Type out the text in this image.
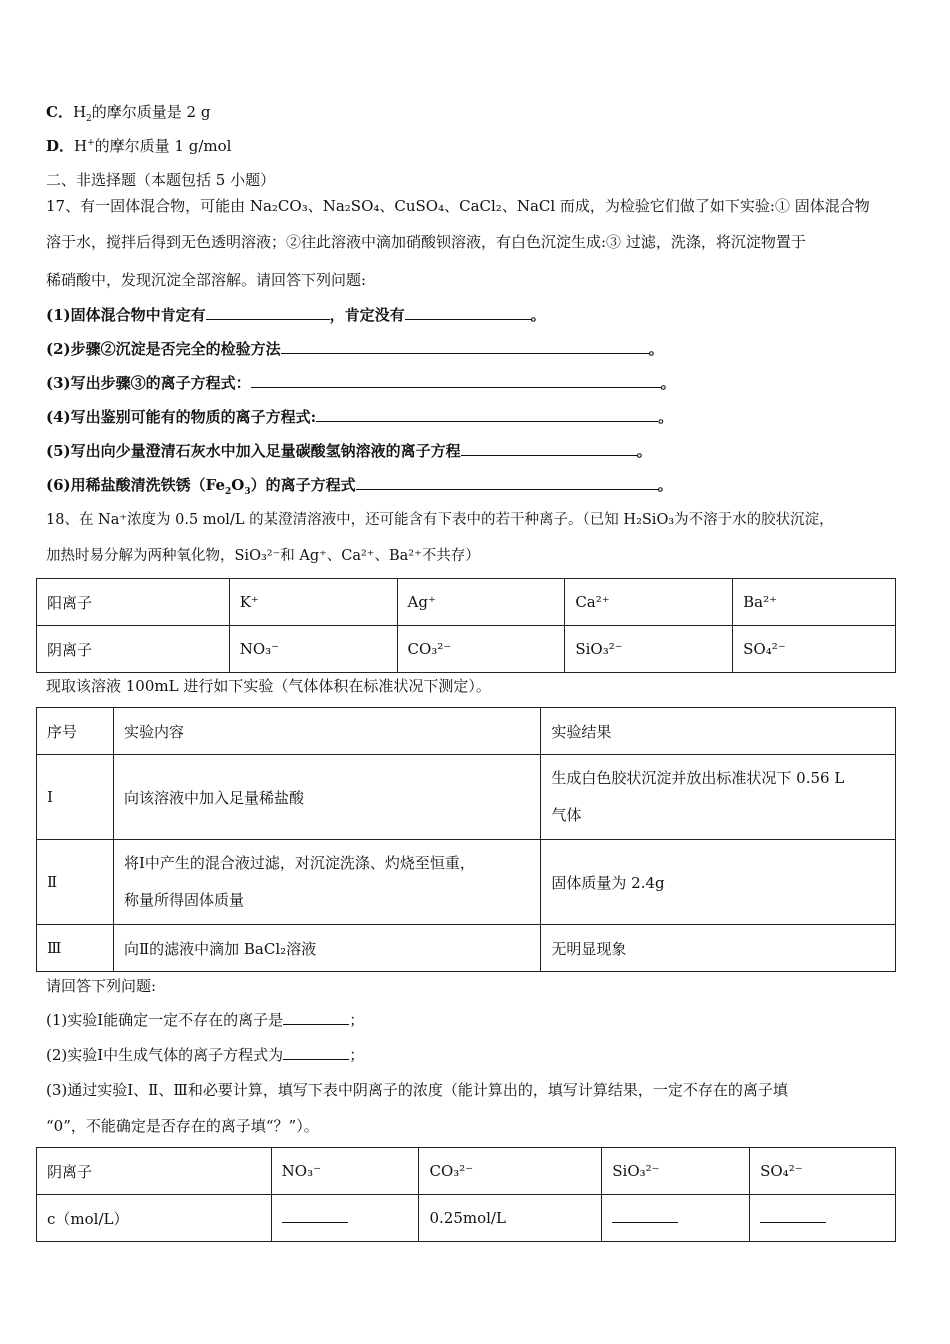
C．$H_2$的摩尔质量是 2 g
D．H+的摩尔质量 1 g/mol
二、非选择题（本题包括 5 小题）
17、有一固体混合物，可能由 Na₂CO₃、Na₂SO₄、CuSO₄、CaCl₂、NaCl 而成，为检验它们做了如下实验:① 固体混合物
溶于水，搅拌后得到无色透明溶液；②往此溶液中滴加硝酸钡溶液，有白色沉淀生成:③ 过滤，洗涤，将沉淀物置于
稀硝酸中，发现沉淀全部溶解。请回答下列问题:
(1)固体混合物中肯定有	，肯定没有	。
(2)步骤②沉淀是否完全的检验方法	。
(3)写出步骤③的离子方程式：	。
(4)写出鉴别可能有的物质的离子方程式:	。
(5)写出向少量澄清石灰水中加入足量碳酸氢钠溶液的离子方程	。
(6)用稀盐酸清洗铁锈$(Fe_2O_3)$的离子方程式	。
18、在 Na⁺浓度为 0.5 mol/L 的某澄清溶液中，还可能含有下表中的若干种离子。（已知 H₂SiO₃为不溶于水的胶状沉淀，
加热时易分解为两种氧化物，SiO₃²⁻和 Ag⁺、Ca²⁺、Ba²⁺不共存）
阳离子	K⁺	Ag⁺	Ca²⁺	Ba²⁺
阴离子	NO₃⁻	CO₃²⁻	SiO₃²⁻	SO₄²⁻
现取该溶液 100mL 进行如下实验（气体体积在标准状况下测定）。
序号	实验内容	实验结果
Ⅰ	向该溶液中加入足量稀盐酸	生成白色胶状沉淀并放出标准状况下 0.56 L
气体

Ⅱ	将Ⅰ中产生的混合液过滤，对沉淀洗涤、灼烧至恒重，
称量所得固体质量	固体质量为 2.4g
Ⅲ	向Ⅱ的滤液中滴加 BaCl₂溶液	无明显现象
请回答下列问题:
(1)实验Ⅰ能确定一定不存在的离子是	；
(2)实验Ⅰ中生成气体的离子方程式为	；
(3)通过实验Ⅰ、Ⅱ、Ⅲ和必要计算，填写下表中阴离子的浓度（能计算出的，填写计算结果，一定不存在的离子填
“0”，不能确定是否存在的离子填“？”）。
阴离子	NO₃⁻	CO₃²⁻	SiO₃²⁻	SO₄²⁻
c（mol/L）		0.25mol/L		
